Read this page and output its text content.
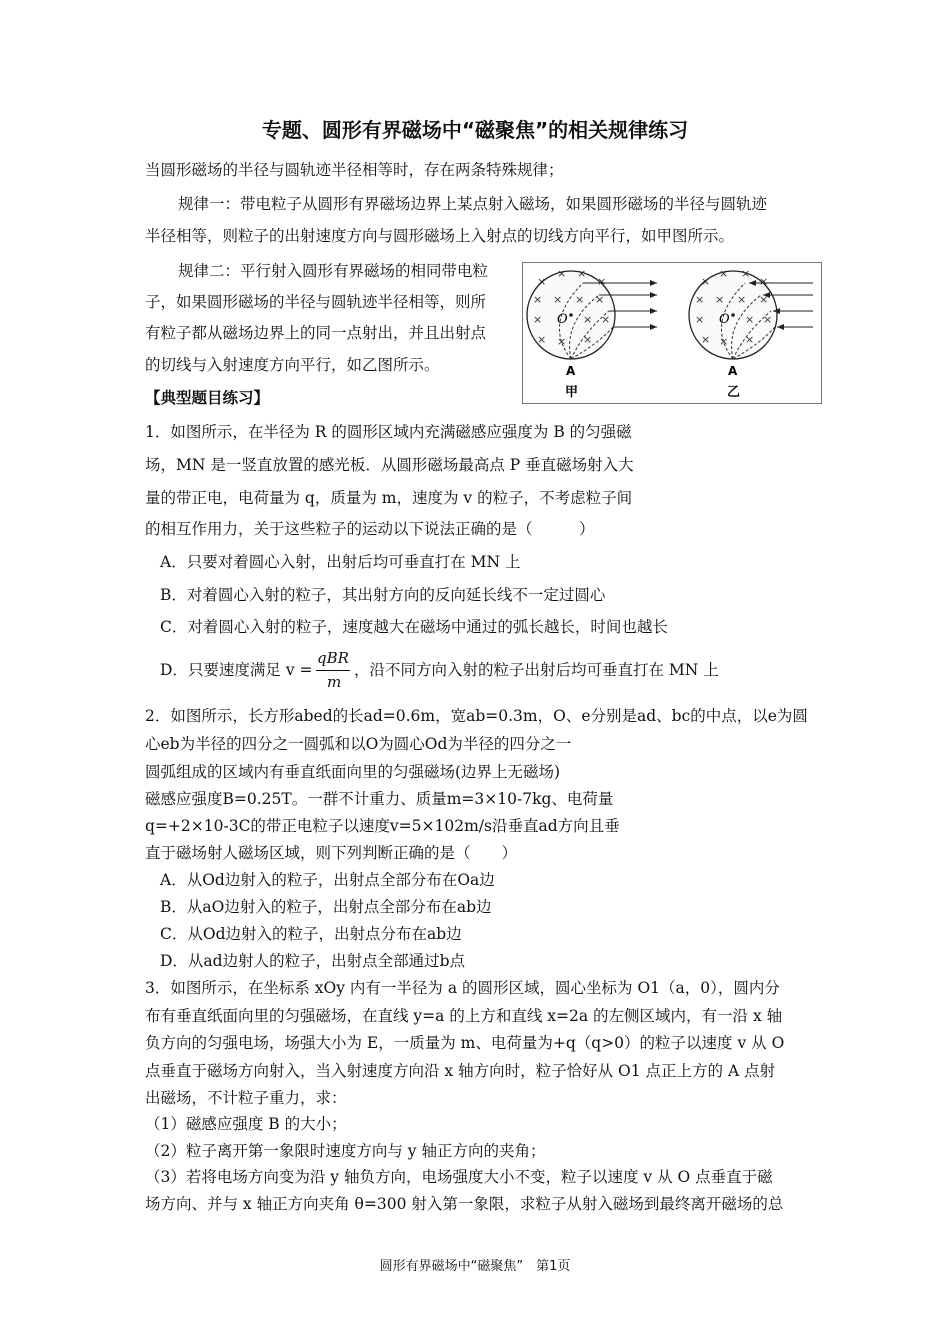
专题、圆形有界磁场中“磁聚焦”的相关规律练习
当圆形磁场的半径与圆轨迹半径相等时，存在两条特殊规律；
规律一：带电粒子从圆形有界磁场边界上某点射入磁场，如果圆形磁场的半径与圆轨迹
半径相等，则粒子的出射速度方向与圆形磁场上入射点的切线方向平行，如甲图所示。
规律二：平行射入圆形有界磁场的相同带电粒
子，如果圆形磁场的半径与圆轨迹半径相等，则所
有粒子都从磁场边界上的同一点射出，并且出射点
的切线与入射速度方向平行，如乙图所示。
×
× ×
×
× × × ×
×	× ×
× × ×
O
A
甲
×
× ×
×
× × × ×
×	× ×
× × ×
O
A
乙
【典型题目练习】
1．如图所示，在半径为 R 的圆形区域内充满磁感应强度为 B 的匀强磁
场，MN 是一竖直放置的感光板．从圆形磁场最高点 P 垂直磁场射入大
量的带正电，电荷量为 q，质量为 m，速度为 v 的粒子，不考虑粒子间
的相互作用力，关于这些粒子的运动以下说法正确的是（　　　）
A．只要对着圆心入射，出射后均可垂直打在 MN 上
B．对着圆心入射的粒子，其出射方向的反向延长线不一定过圆心
C．对着圆心入射的粒子，速度越大在磁场中通过的弧长越长，时间也越长
D．只要速度满足 v =
qBR
m
，沿不同方向入射的粒子出射后均可垂直打在 MN 上
2．如图所示，长方形abed的长ad=0.6m，宽ab=0.3m，O、e分别是ad、bc的中点，以e为圆
心eb为半径的四分之一圆弧和以O为圆心Od为半径的四分之一
圆弧组成的区域内有垂直纸面向里的匀强磁场(边界上无磁场)
磁感应强度B=0.25T。一群不计重力、质量m=3×10-7kg、电荷量
q=+2×10-3C的带正电粒子以速度v=5×102m/s沿垂直ad方向且垂
直于磁场射人磁场区域，则下列判断正确的是（　　）
A．从Od边射入的粒子，出射点全部分布在Oa边
B．从aO边射入的粒子，出射点全部分布在ab边
C．从Od边射入的粒子，出射点分布在ab边
D．从ad边射人的粒子，出射点全部通过b点
3．如图所示，在坐标系 xOy 内有一半径为 a 的圆形区域，圆心坐标为 O1（a，0），圆内分
布有垂直纸面向里的匀强磁场，在直线 y=a 的上方和直线 x=2a 的左侧区域内，有一沿 x 轴
负方向的匀强电场，场强大小为 E，一质量为 m、电荷量为+q（q>0）的粒子以速度 v 从 O
点垂直于磁场方向射入，当入射速度方向沿 x 轴方向时，粒子恰好从 O1 点正上方的 A 点射
出磁场，不计粒子重力，求：
（1）磁感应强度 B 的大小；
（2）粒子离开第一象限时速度方向与 y 轴正方向的夹角；
（3）若将电场方向变为沿 y 轴负方向，电场强度大小不变，粒子以速度 v 从 O 点垂直于磁
场方向、并与 x 轴正方向夹角 θ=300 射入第一象限，求粒子从射入磁场到最终离开磁场的总
圆形有界磁场中“磁聚焦”　第1页
